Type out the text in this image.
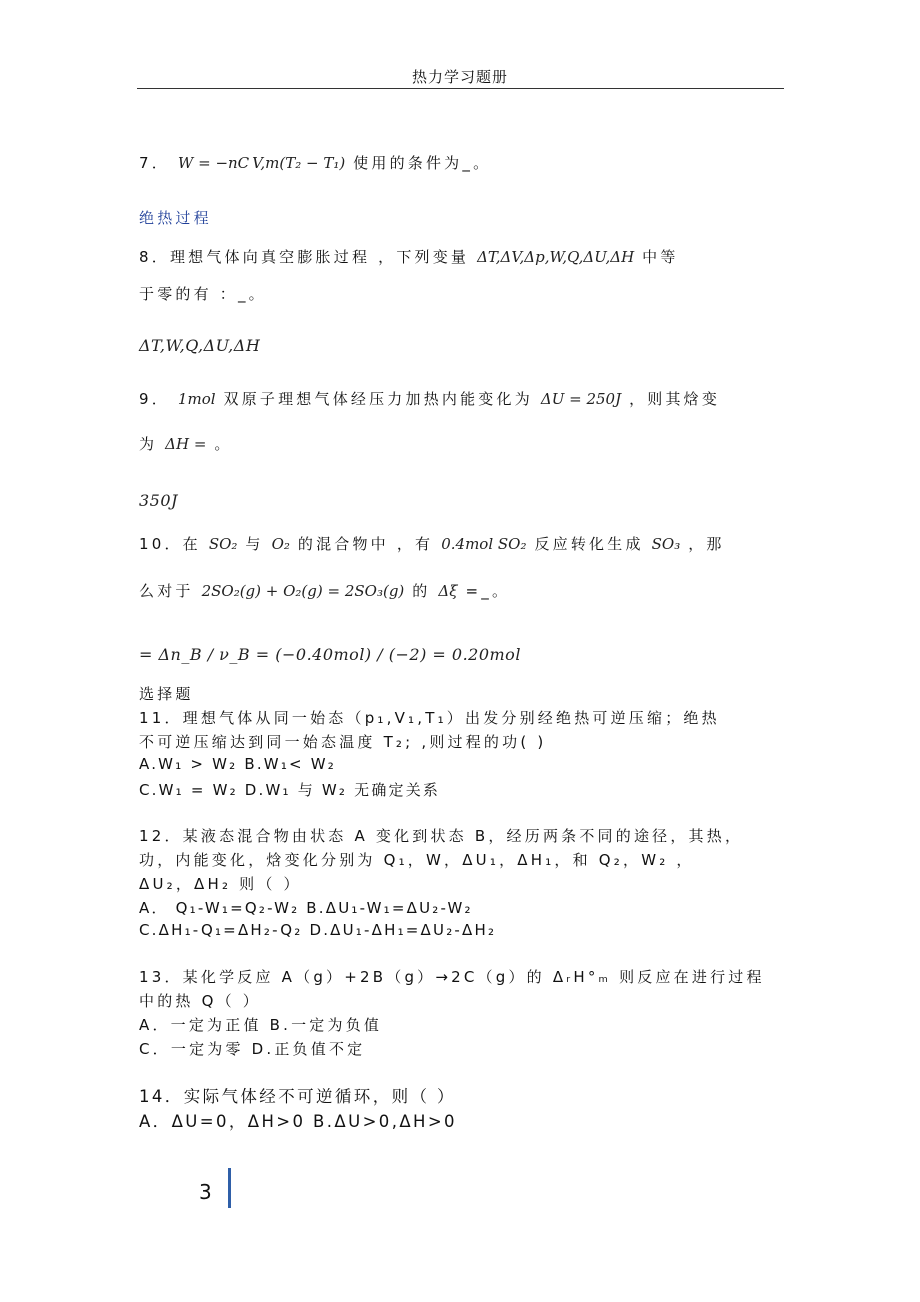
热力学习题册
7． W = −nC V,m(T₂ − T₁) 使用的条件为_。
绝热过程
8．理想气体向真空膨胀过程 ，下列变量 ΔT,ΔV,Δp,W,Q,ΔU,ΔH 中等
于零的有 ：_。
ΔT,W,Q,ΔU,ΔH
9． 1mol 双原子理想气体经压力加热内能变化为 ΔU = 250J ，则其焓变
为 ΔH = 。
350J
10．在 SO₂ 与 O₂ 的混合物中 ，有 0.4mol SO₂ 反应转化生成 SO₃ ，那
么对于 2SO₂(g) + O₂(g) = 2SO₃(g) 的 Δξ =_。
= Δn_B / ν_B = (−0.40mol) / (−2) = 0.20mol
选择题
11．理想气体从同一始态（p₁,V₁,T₁）出发分别经绝热可逆压缩；绝热
不可逆压缩达到同一始态温度 T₂; ,则过程的功( )
A.W₁ > W₂ B.W₁< W₂
C.W₁ = W₂ D.W₁ 与 W₂ 无确定关系
12．某液态混合物由状态 A 变化到状态 B，经历两条不同的途径，其热，
功，内能变化，焓变化分别为 Q₁，W，ΔU₁，ΔH₁，和 Q₂，W₂ ，
ΔU₂，ΔH₂ 则（ ）
A． Q₁-W₁=Q₂-W₂ B.ΔU₁-W₁=ΔU₂-W₂
C.ΔH₁-Q₁=ΔH₂-Q₂ D.ΔU₁-ΔH₁=ΔU₂-ΔH₂
13．某化学反应 A（g）+2B（g）→2C（g）的 ΔᵣH°ₘ 则反应在进行过程
中的热 Q（ ）
A．一定为正值 B.一定为负值
C．一定为零 D.正负值不定
14．实际气体经不可逆循环，则（ ）
A．ΔU=0，ΔH>0 B.ΔU>0,ΔH>0
3
